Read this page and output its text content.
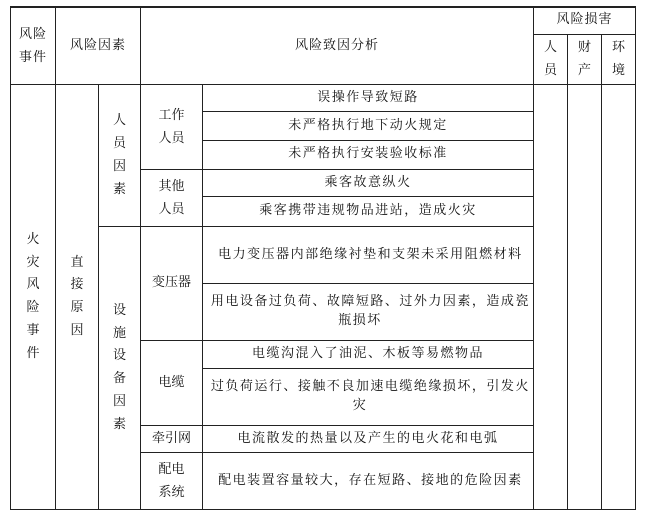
风险事件	风险因素		风险致因分析		风险损害		
					人员	财产	环境
火灾风险事件	直接原因	人员因素	工作人员	误操作导致短路			
				未严格执行地下动火规定			
				未严格执行安装验收标准			
			其他人员	乘客故意纵火			
				乘客携带违规物品进站，造成火灾			
		设施设备因素	变压器	电力变压器内部绝缘衬垫和支架未采用阻燃材料			

				用电设备过负荷、故障短路、过外力因素，造成瓷瓶损坏			

			电缆	电缆沟混入了油泥、木板等易燃物品			

				过负荷运行、接触不良加速电缆绝缘损坏，引发火灾			

			牵引网	电流散发的热量以及产生的电火花和电弧			
			配电系统	配电装置容量较大，存在短路、接地的危险因素			
